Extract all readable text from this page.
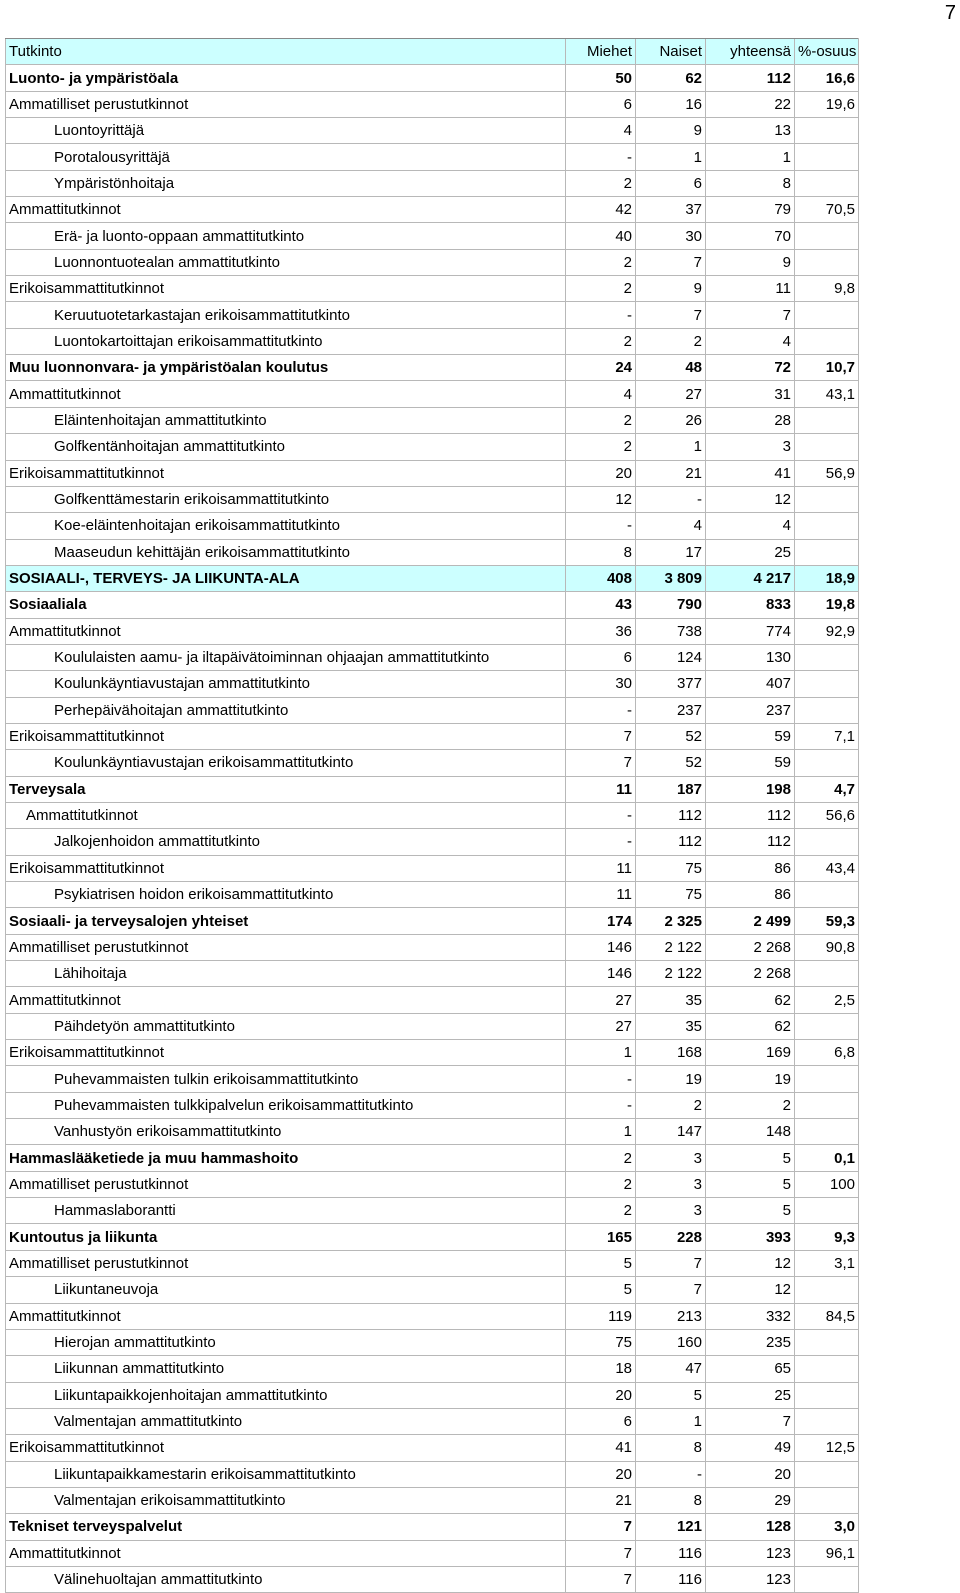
7
Tutkinto	Miehet	Naiset	yhteensä	%-osuus
Luonto- ja ympäristöala	50	62	112	16,6
Ammatilliset perustutkinnot	6	16	22	19,6
Luontoyrittäjä	4	9	13	
Porotalousyrittäjä	-	1	1	
Ympäristönhoitaja	2	6	8	
Ammattitutkinnot	42	37	79	70,5
Erä- ja luonto-oppaan ammattitutkinto	40	30	70	
Luonnontuotealan ammattitutkinto	2	7	9	
Erikoisammattitutkinnot	2	9	11	9,8
Keruutuotetarkastajan erikoisammattitutkinto	-	7	7	
Luontokartoittajan erikoisammattitutkinto	2	2	4	
Muu luonnonvara- ja ympäristöalan koulutus	24	48	72	10,7
Ammattitutkinnot	4	27	31	43,1
Eläintenhoitajan ammattitutkinto	2	26	28	
Golfkentänhoitajan ammattitutkinto	2	1	3	
Erikoisammattitutkinnot	20	21	41	56,9
Golfkenttämestarin erikoisammattitutkinto	12	-	12	
Koe-eläintenhoitajan erikoisammattitutkinto	-	4	4	
Maaseudun kehittäjän erikoisammattitutkinto	8	17	25	
SOSIAALI-, TERVEYS- JA LIIKUNTA-ALA	408	3 809	4 217	18,9
Sosiaaliala	43	790	833	19,8
Ammattitutkinnot	36	738	774	92,9
Koululaisten aamu- ja iltapäivätoiminnan ohjaajan ammattitutkinto	6	124	130	
Koulunkäyntiavustajan ammattitutkinto	30	377	407	
Perhepäivähoitajan ammattitutkinto	-	237	237	
Erikoisammattitutkinnot	7	52	59	7,1
Koulunkäyntiavustajan erikoisammattitutkinto	7	52	59	
Terveysala	11	187	198	4,7
Ammattitutkinnot	-	112	112	56,6
Jalkojenhoidon ammattitutkinto	-	112	112	
Erikoisammattitutkinnot	11	75	86	43,4
Psykiatrisen hoidon erikoisammattitutkinto	11	75	86	
Sosiaali- ja terveysalojen yhteiset	174	2 325	2 499	59,3
Ammatilliset perustutkinnot	146	2 122	2 268	90,8
Lähihoitaja	146	2 122	2 268	
Ammattitutkinnot	27	35	62	2,5
Päihdetyön ammattitutkinto	27	35	62	
Erikoisammattitutkinnot	1	168	169	6,8
Puhevammaisten tulkin erikoisammattitutkinto	-	19	19	
Puhevammaisten tulkkipalvelun erikoisammattitutkinto	-	2	2	
Vanhustyön erikoisammattitutkinto	1	147	148	
Hammaslääketiede ja muu hammashoito	2	3	5	0,1
Ammatilliset perustutkinnot	2	3	5	100
Hammaslaborantti	2	3	5	
Kuntoutus ja liikunta	165	228	393	9,3
Ammatilliset perustutkinnot	5	7	12	3,1
Liikuntaneuvoja	5	7	12	
Ammattitutkinnot	119	213	332	84,5
Hierojan ammattitutkinto	75	160	235	
Liikunnan ammattitutkinto	18	47	65	
Liikuntapaikkojenhoitajan ammattitutkinto	20	5	25	
Valmentajan ammattitutkinto	6	1	7	
Erikoisammattitutkinnot	41	8	49	12,5
Liikuntapaikkamestarin erikoisammattitutkinto	20	-	20	
Valmentajan erikoisammattitutkinto	21	8	29	
Tekniset terveyspalvelut	7	121	128	3,0
Ammattitutkinnot	7	116	123	96,1
Välinehuoltajan ammattitutkinto	7	116	123	
